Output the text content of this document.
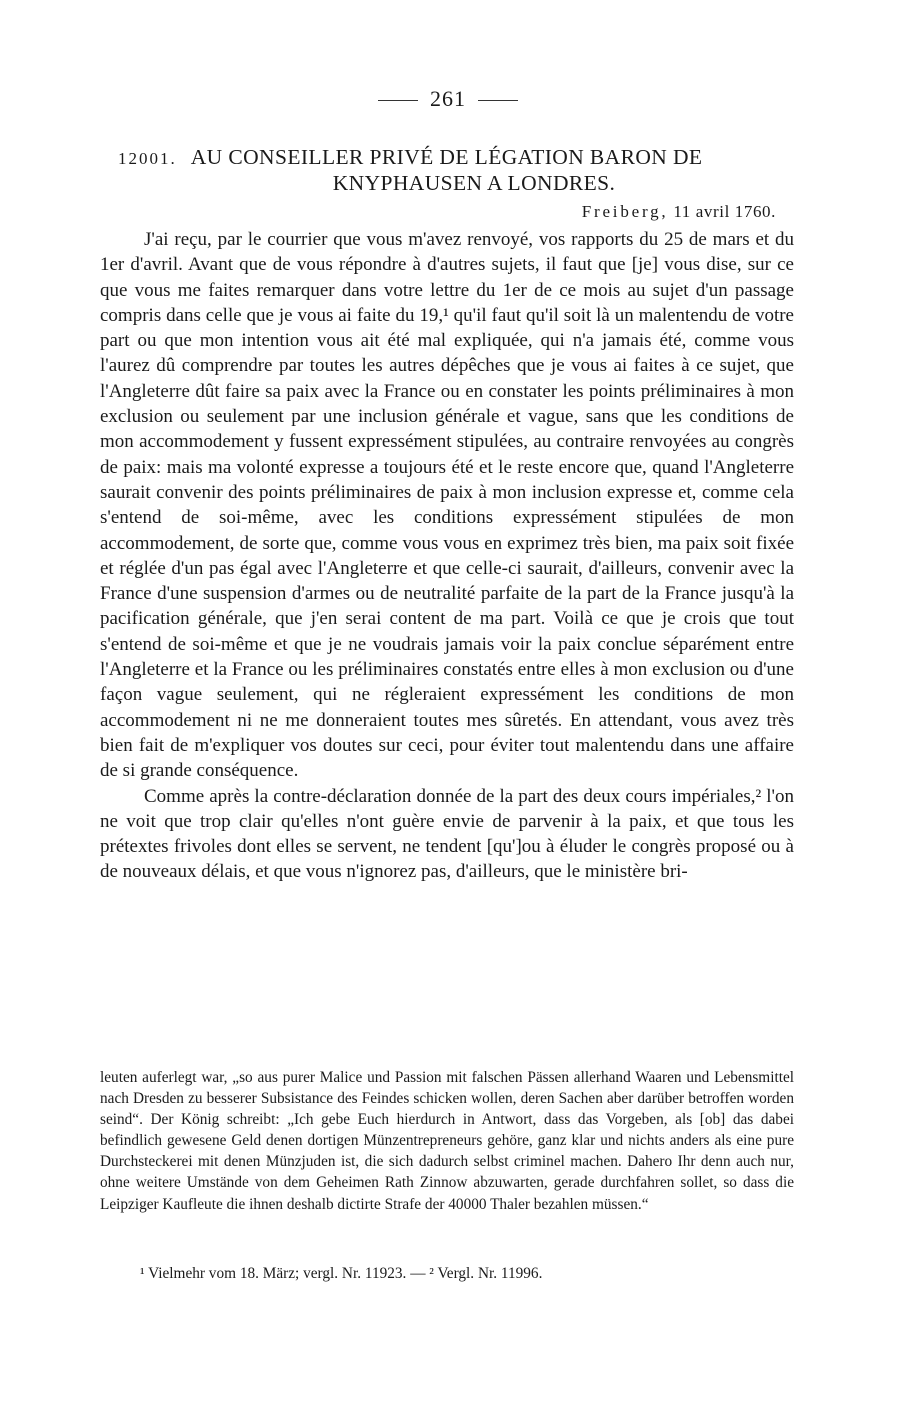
261
12001. AU CONSEILLER PRIVÉ DE LÉGATION BARON DE
KNYPHAUSEN A LONDRES.
Freiberg, 11 avril 1760.

J'ai reçu, par le courrier que vous m'avez renvoyé, vos rapports du 25 de mars et du 1er d'avril. Avant que de vous répondre à d'autres sujets, il faut que [je] vous dise, sur ce que vous me faites remarquer dans votre lettre du 1er de ce mois au sujet d'un passage compris dans celle que je vous ai faite du 19,¹ qu'il faut qu'il soit là un malentendu de votre part ou que mon intention vous ait été mal expliquée, qui n'a jamais été, comme vous l'aurez dû comprendre par toutes les autres dépêches que je vous ai faites à ce sujet, que l'Angleterre dût faire sa paix avec la France ou en constater les points préliminaires à mon exclusion ou seulement par une inclusion générale et vague, sans que les conditions de mon accommodement y fussent expressément stipulées, au contraire renvoyées au congrès de paix: mais ma volonté expresse a toujours été et le reste encore que, quand l'Angleterre saurait convenir des points préliminaires de paix à mon inclusion expresse et, comme cela s'entend de soi-même, avec les conditions expressément stipulées de mon accommodement, de sorte que, comme vous vous en exprimez très bien, ma paix soit fixée et réglée d'un pas égal avec l'Angleterre et que celle-ci saurait, d'ailleurs, convenir avec la France d'une suspension d'armes ou de neutralité parfaite de la part de la France jusqu'à la pacification générale, que j'en serai content de ma part. Voilà ce que je crois que tout s'entend de soi-même et que je ne voudrais jamais voir la paix conclue séparément entre l'Angleterre et la France ou les préliminaires constatés entre elles à mon exclusion ou d'une façon vague seulement, qui ne régleraient expressément les conditions de mon accommodement ni ne me donneraient toutes mes sûretés. En attendant, vous avez très bien fait de m'expliquer vos doutes sur ceci, pour éviter tout malentendu dans une affaire de si grande conséquence.

Comme après la contre-déclaration donnée de la part des deux cours impériales,² l'on ne voit que trop clair qu'elles n'ont guère envie de parvenir à la paix, et que tous les prétextes frivoles dont elles se servent, ne tendent [qu']ou à éluder le congrès proposé ou à de nouveaux délais, et que vous n'ignorez pas, d'ailleurs, que le ministère bri-

leuten auferlegt war, „so aus purer Malice und Passion mit falschen Pässen allerhand Waaren und Lebensmittel nach Dresden zu besserer Subsistance des Feindes schicken wollen, deren Sachen aber darüber betroffen worden seind“. Der König schreibt: „Ich gebe Euch hierdurch in Antwort, dass das Vorgeben, als [ob] das dabei befindlich gewesene Geld denen dortigen Münzentrepreneurs gehöre, ganz klar und nichts anders als eine pure Durchsteckerei mit denen Münzjuden ist, die sich dadurch selbst criminel machen. Dahero Ihr denn auch nur, ohne weitere Umstände von dem Geheimen Rath Zinnow abzuwarten, gerade durchfahren sollet, so dass die Leipziger Kaufleute die ihnen deshalb dictirte Strafe der 40000 Thaler bezahlen müssen.“

¹ Vielmehr vom 18. März; vergl. Nr. 11923. — ² Vergl. Nr. 11996.
